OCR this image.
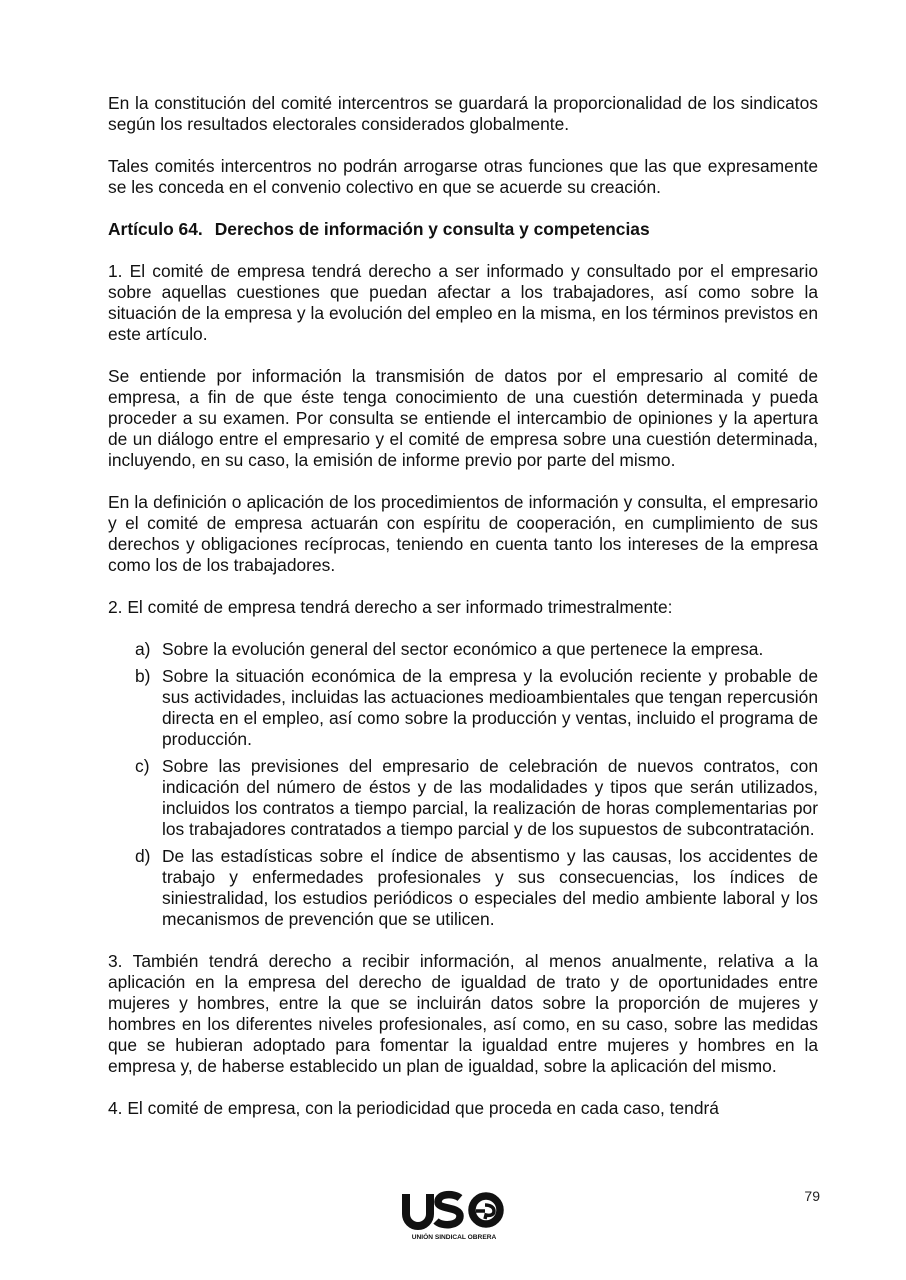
En la constitución del comité intercentros se guardará la proporcionalidad de los sindicatos según los resultados electorales considerados globalmente.

Tales comités intercentros no podrán arrogarse otras funciones que las que expresamente se les conceda en el convenio colectivo en que se acuerde su creación.

Artículo 64. Derechos de información y consulta y competencias

1. El comité de empresa tendrá derecho a ser informado y consultado por el empresario sobre aquellas cuestiones que puedan afectar a los trabajadores, así como sobre la situación de la empresa y la evolución del empleo en la misma, en los términos previstos en este artículo.

Se entiende por información la transmisión de datos por el empresario al comité de empresa, a fin de que éste tenga conocimiento de una cuestión determinada y pueda proceder a su examen. Por consulta se entiende el intercambio de opiniones y la apertura de un diálogo entre el empresario y el comité de empresa sobre una cuestión determinada, incluyendo, en su caso, la emisión de informe previo por parte del mismo.

En la definición o aplicación de los procedimientos de información y consulta, el empresario y el comité de empresa actuarán con espíritu de cooperación, en cumplimiento de sus derechos y obligaciones recíprocas, teniendo en cuenta tanto los intereses de la empresa como los de los trabajadores.

2. El comité de empresa tendrá derecho a ser informado trimestralmente:

a) Sobre la evolución general del sector económico a que pertenece la empresa.
b) Sobre la situación económica de la empresa y la evolución reciente y probable de sus actividades, incluidas las actuaciones medioambientales que tengan repercusión directa en el empleo, así como sobre la producción y ventas, incluido el programa de producción.
c) Sobre las previsiones del empresario de celebración de nuevos contratos, con indicación del número de éstos y de las modalidades y tipos que serán utilizados, incluidos los contratos a tiempo parcial, la realización de horas complementarias por los trabajadores contratados a tiempo parcial y de los supuestos de subcontratación.
d) De las estadísticas sobre el índice de absentismo y las causas, los accidentes de trabajo y enfermedades profesionales y sus consecuencias, los índices de siniestralidad, los estudios periódicos o especiales del medio ambiente laboral y los mecanismos de prevención que se utilicen.

3. También tendrá derecho a recibir información, al menos anualmente, relativa a la aplicación en la empresa del derecho de igualdad de trato y de oportunidades entre mujeres y hombres, entre la que se incluirán datos sobre la proporción de mujeres y hombres en los diferentes niveles profesionales, así como, en su caso, sobre las medidas que se hubieran adoptado para fomentar la igualdad entre mujeres y hombres en la empresa y, de haberse establecido un plan de igualdad, sobre la aplicación del mismo.

4. El comité de empresa, con la periodicidad que proceda en cada caso, tendrá

79
UNIÓN SINDICAL OBRERA
